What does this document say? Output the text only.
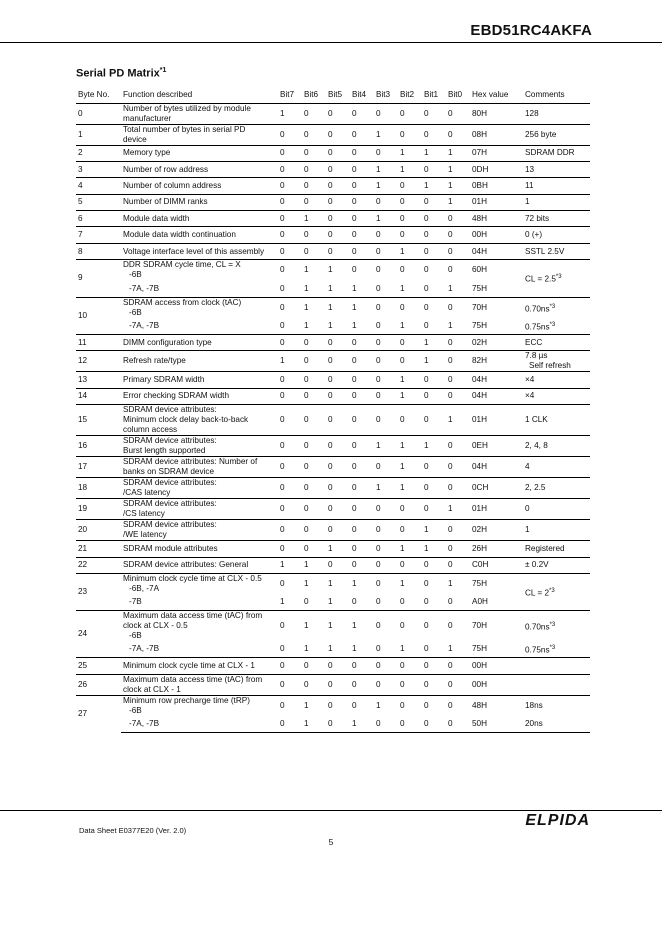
EBD51RC4AKFA
Serial PD Matrix$^{*1}$
Byte No.	Function described	Bit7	Bit6	Bit5	Bit4	Bit3	Bit2	Bit1	Bit0	Hex value	Comments
0	Number of bytes utilized by module
manufacturer	1	0	0	0	0	0	0	0	80H	128

1	Total number of bytes in serial PD
device	0	0	0	0	1	0	0	0	08H	256 byte

2	Memory type	0	0	0	0	0	1	1	1	07H	SDRAM DDR

3	Number of row address	0	0	0	0	1	1	0	1	0DH	13

4	Number of column address	0	0	0	0	1	0	1	1	0BH	11

5	Number of DIMM ranks	0	0	0	0	0	0	0	1	01H	1

6	Module data width	0	1	0	0	1	0	0	0	48H	72 bits

7	Module data width continuation	0	0	0	0	0	0	0	0	00H	0 (+)

8	Voltage interface level of this assembly	0	0	0	0	0	1	0	0	04H	SSTL 2.5V

9	DDR SDRAM cycle time, CL = X
-6B	0	1	1	0	0	0	0	0	60H	CL = $2.5^{*3}$

	-7A, -7B	0	1	1	1	0	1	0	1	75H	
10	SDRAM access from clock (tAC)
-6B	0	1	1	1	0	0	0	0	70H	$0.70ns^{*3}$

	-7A, -7B	0	1	1	1	0	1	0	1	75H	$0.75ns^{*3}$

11	DIMM configuration type	0	0	0	0	0	0	1	0	02H	ECC

12	Refresh rate/type	1	0	0	0	0	0	1	0	82H	7.8 µs
Self refresh

13	Primary SDRAM width	0	0	0	0	0	1	0	0	04H	×4

14	Error checking SDRAM width	0	0	0	0	0	1	0	0	04H	×4

15	SDRAM device attributes:
Minimum clock delay back-to-back
column access	0	0	0	0	0	0	0	1	01H	1 CLK

16	SDRAM device attributes:
Burst length supported	0	0	0	0	1	1	1	0	0EH	2, 4, 8

17	SDRAM device attributes: Number of
banks on SDRAM device	0	0	0	0	0	1	0	0	04H	4

18	SDRAM device attributes:
/CAS latency	0	0	0	0	1	1	0	0	0CH	2, 2.5

19	SDRAM device attributes:
/CS latency	0	0	0	0	0	0	0	1	01H	0

20	SDRAM device attributes:
/WE latency	0	0	0	0	0	0	1	0	02H	1

21	SDRAM module attributes	0	0	1	0	0	1	1	0	26H	Registered

22	SDRAM device attributes: General	1	1	0	0	0	0	0	0	C0H	± 0.2V

23	Minimum clock cycle time at CLX - 0.5
-6B, -7A	0	1	1	1	0	1	0	1	75H	CL = $2^{*3}$

	-7B	1	0	1	0	0	0	0	0	A0H	
24	Maximum data access time (tAC) from
clock at CLX - 0.5
-6B	0	1	1	1	0	0	0	0	70H	$0.70ns^{*3}$

	-7A, -7B	0	1	1	1	0	1	0	1	75H	$0.75ns^{*3}$

25	Minimum clock cycle time at CLX - 1	0	0	0	0	0	0	0	0	00H	
26	Maximum data access time (tAC) from
clock at CLX - 1	0	0	0	0	0	0	0	0	00H	
27	Minimum row precharge time (tRP)
-6B	0	1	0	0	1	0	0	0	48H	18ns

	-7A, -7B	0	1	0	1	0	0	0	0	50H	20ns
ELPIDA
Data Sheet E0377E20 (Ver. 2.0)
5
